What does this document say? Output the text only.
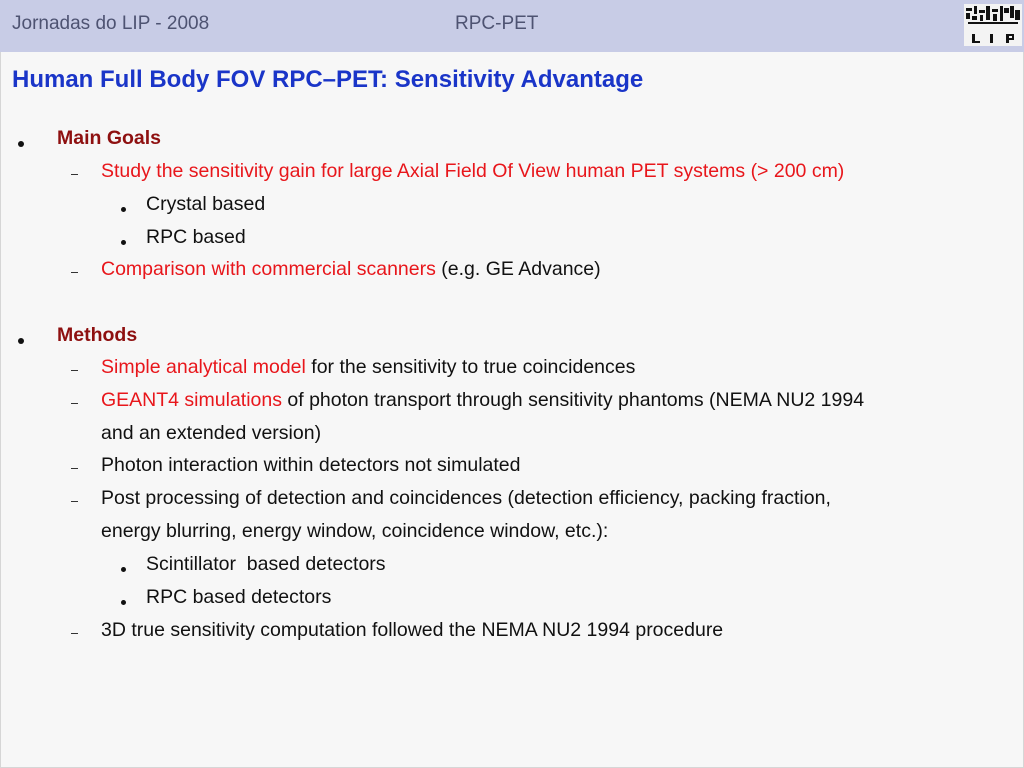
Jornadas do LIP - 2008	RPC-PET
Human Full Body FOV RPC–PET: Sensitivity Advantage
Main Goals
Study the sensitivity gain for large Axial Field Of View human PET systems (> 200 cm)
Crystal based
RPC based
Comparison with commercial scanners (e.g. GE Advance)
Methods
Simple analytical model for the sensitivity to true coincidences
GEANT4 simulations of photon transport through sensitivity phantoms (NEMA NU2 1994
and an extended version)
Photon interaction within detectors not simulated
Post processing of detection and coincidences (detection efficiency, packing fraction,
energy blurring, energy window, coincidence window, etc.):
Scintillator  based detectors
RPC based detectors
3D true sensitivity computation followed the NEMA NU2 1994 procedure
